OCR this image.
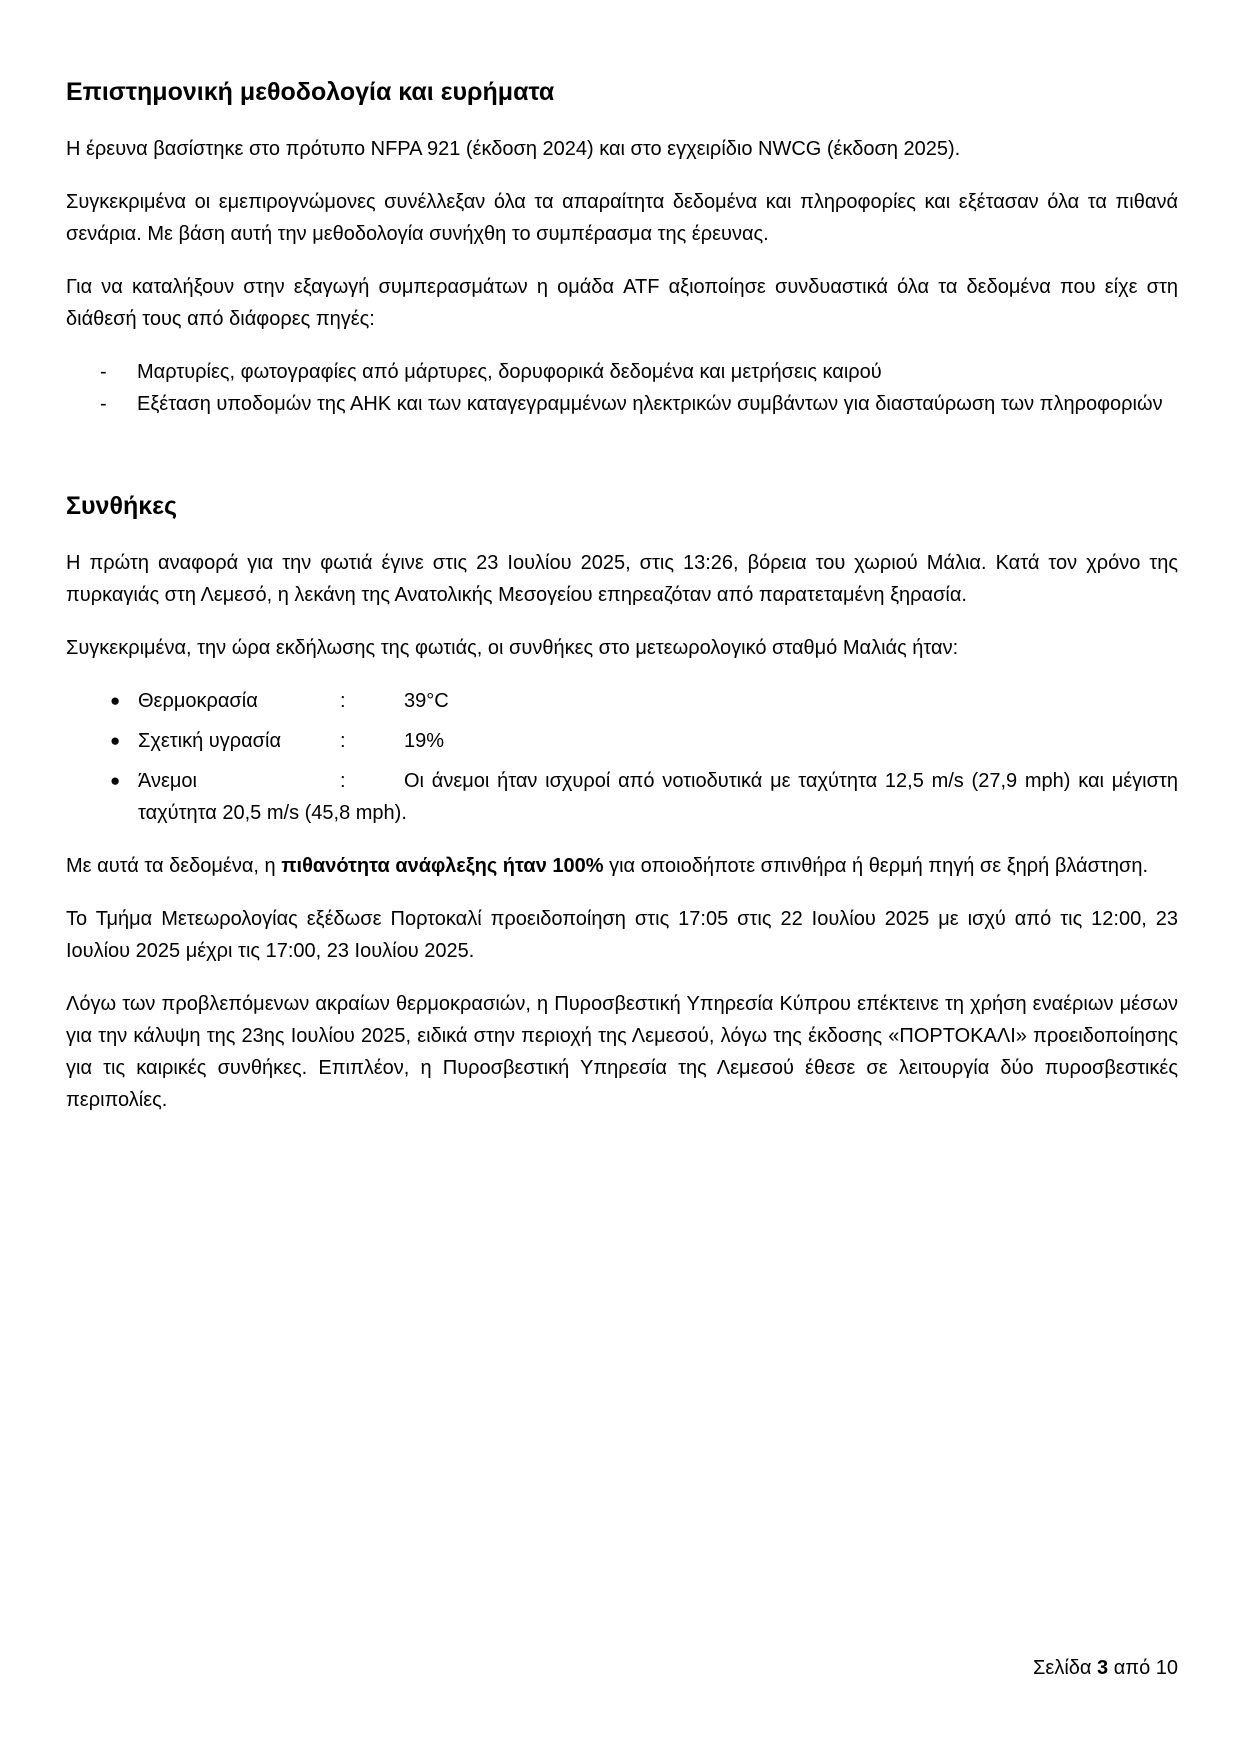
Επιστημονική μεθοδολογία και ευρήματα

Η έρευνα βασίστηκε στο πρότυπο NFPA 921 (έκδοση 2024) και στο εγχειρίδιο NWCG (έκδοση 2025).

Συγκεκριμένα οι εμεπιρογνώμονες συνέλλεξαν όλα τα απαραίτητα δεδομένα και πληροφορίες και εξέτασαν όλα τα πιθανά σενάρια. Με βάση αυτή την μεθοδολογία συνήχθη το συμπέρασμα της έρευνας.

Για να καταλήξουν στην εξαγωγή συμπερασμάτων η ομάδα ATF αξιοποίησε συνδυαστικά όλα τα δεδομένα που είχε στη διάθεσή τους από διάφορες πηγές:

-	Μαρτυρίες, φωτογραφίες από μάρτυρες, δορυφορικά δεδομένα και μετρήσεις καιρού
-	Εξέταση υποδομών της ΑΗΚ και των καταγεγραμμένων ηλεκτρικών συμβάντων για διασταύρωση των πληροφοριών
Συνθήκες

Η πρώτη αναφορά για την φωτιά έγινε στις 23 Ιουλίου 2025, στις 13:26, βόρεια του χωριού Μάλια. Κατά τον χρόνο της πυρκαγιάς στη Λεμεσό, η λεκάνη της Ανατολικής Μεσογείου επηρεαζόταν από παρατεταμένη ξηρασία.

Συγκεκριμένα, την ώρα εκδήλωσης της φωτιάς, οι συνθήκες στο μετεωρολογικό σταθμό Μαλιάς ήταν:

● Θερμοκρασία	:	39°C
● Σχετική υγρασία	:	19%
● Άνεμοι	:	Οι άνεμοι ήταν ισχυροί από νοτιοδυτικά με ταχύτητα 12,5 m/s (27,9 mph) και μέγιστη ταχύτητα 20,5 m/s (45,8 mph).

Με αυτά τα δεδομένα, η πιθανότητα ανάφλεξης ήταν 100% για οποιοδήποτε σπινθήρα ή θερμή πηγή σε ξηρή βλάστηση.

Το Τμήμα Μετεωρολογίας εξέδωσε Πορτοκαλί προειδοποίηση στις 17:05 στις 22 Ιουλίου 2025 με ισχύ από τις 12:00, 23 Ιουλίου 2025 μέχρι τις 17:00, 23 Ιουλίου 2025.

Λόγω των προβλεπόμενων ακραίων θερμοκρασιών, η Πυροσβεστική Υπηρεσία Κύπρου επέκτεινε τη χρήση εναέριων μέσων για την κάλυψη της 23ης Ιουλίου 2025, ειδικά στην περιοχή της Λεμεσού, λόγω της έκδοσης «ΠΟΡΤΟΚΑΛΙ» προειδοποίησης για τις καιρικές συνθήκες. Επιπλέον, η Πυροσβεστική Υπηρεσία της Λεμεσού έθεσε σε λειτουργία δύο πυροσβεστικές περιπολίες.

Σελίδα 3 από 10
